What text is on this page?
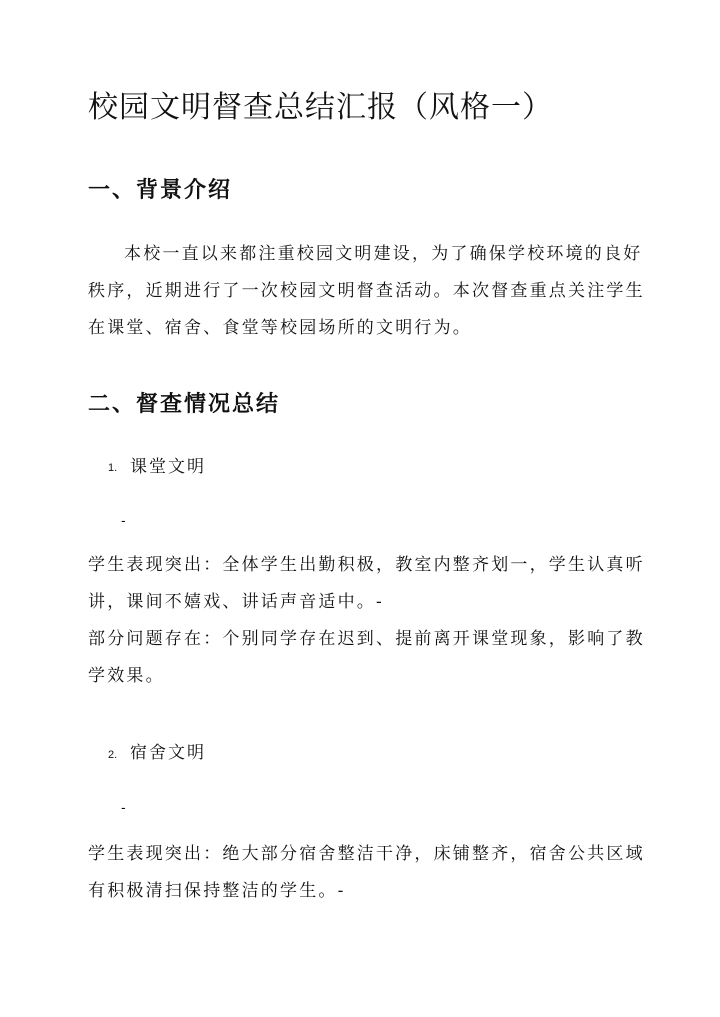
校园文明督查总结汇报（风格一）
一、背景介绍
本校一直以来都注重校园文明建设，为了确保学校环境的良好
秩序，近期进行了一次校园文明督查活动。本次督查重点关注学生
在课堂、宿舍、食堂等校园场所的文明行为。
二、督查情况总结
1. 课堂文明
-
学生表现突出：全体学生出勤积极，教室内整齐划一，学生认真听
讲，课间不嬉戏、讲话声音适中。-
部分问题存在：个别同学存在迟到、提前离开课堂现象，影响了教
学效果。
2. 宿舍文明
-
学生表现突出：绝大部分宿舍整洁干净，床铺整齐，宿舍公共区域
有积极清扫保持整洁的学生。-
